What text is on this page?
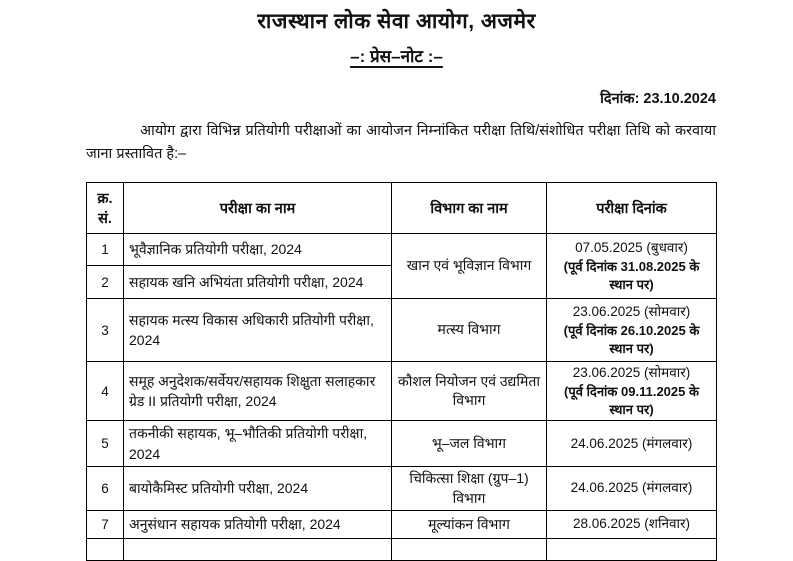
राजस्थान लोक सेवा आयोग, अजमेर
–: प्रेस–नोट :–
दिनांक: 23.10.2024
आयोग द्वारा विभिन्न प्रतियोगी परीक्षाओं का आयोजन निम्नांकित परीक्षा तिथि/संशोधित परीक्षा तिथि को करवाया जाना प्रस्तावित है:–
क्र. सं.	परीक्षा का नाम	विभाग का नाम	परीक्षा दिनांक
1	भूवैज्ञानिक प्रतियोगी परीक्षा, 2024	खान एवं भूविज्ञान विभाग	07.05.2025 (बुधवार)
(पूर्व दिनांक 31.08.2025 के स्थान पर)

2	सहायक खनि अभियंता प्रतियोगी परीक्षा, 2024		
3	सहायक मत्स्य विकास अधिकारी प्रतियोगी परीक्षा, 2024	मत्स्य विभाग	23.06.2025 (सोमवार)
(पूर्व दिनांक 26.10.2025 के स्थान पर)

4	समूह अनुदेशक/सर्वेयर/सहायक शिक्षुता सलाहकार ग्रेड II प्रतियोगी परीक्षा, 2024	कौशल नियोजन एवं उद्यमिता विभाग	23.06.2025 (सोमवार)
(पूर्व दिनांक 09.11.2025 के स्थान पर)

5	तकनीकी सहायक, भू–भौतिकी प्रतियोगी परीक्षा, 2024	भू–जल विभाग	24.06.2025 (मंगलवार)
6	बायोकैमिस्ट प्रतियोगी परीक्षा, 2024	चिकित्सा शिक्षा (ग्रुप–1) विभाग	24.06.2025 (मंगलवार)
7	अनुसंधान सहायक प्रतियोगी परीक्षा, 2024	मूल्यांकन विभाग	28.06.2025 (शनिवार)
